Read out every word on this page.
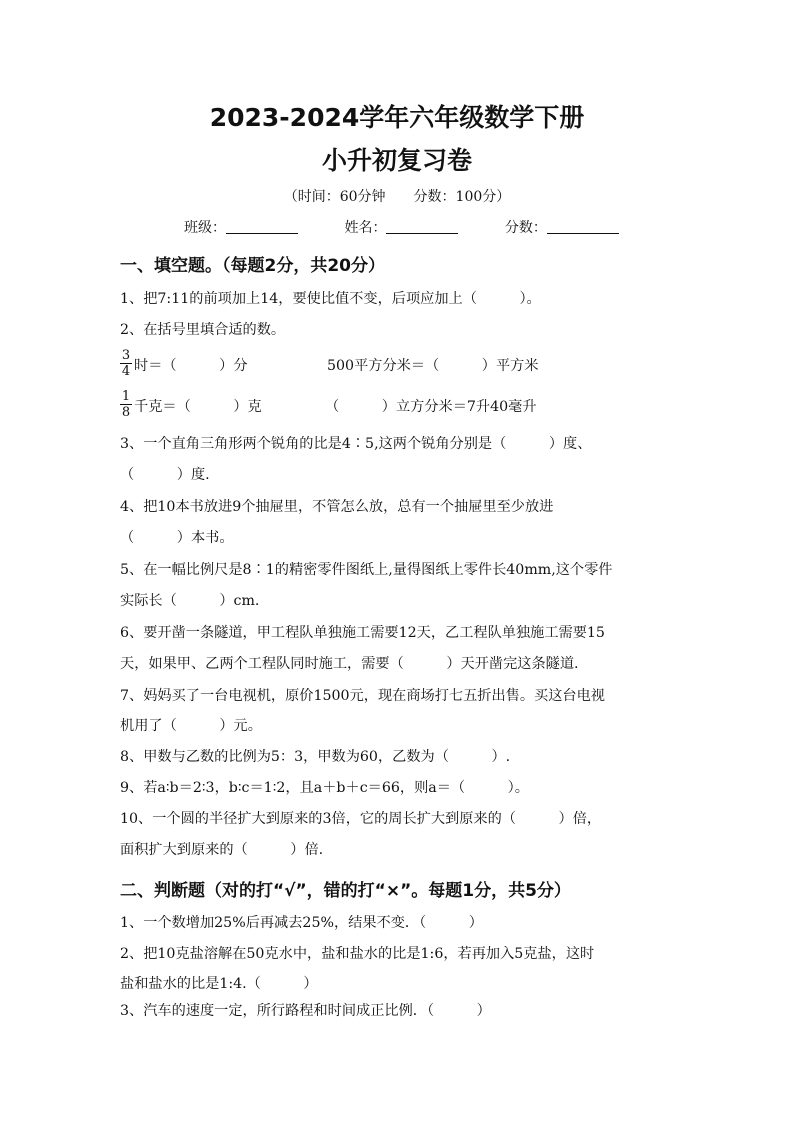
2023-2024学年六年级数学下册
小升初复习卷
（时间：60分钟　　分数：100分）
班级：	姓名：	分数：
一、填空题。（每题2分，共20分）
1、把7:11的前项加上14，要使比值不变，后项应加上（　　　）。
2、在括号里填合适的数。
3
4 时＝（　　　）分	500平方分米＝（　　　）平方米
1
8 千克＝（　　　）克	（　　　）立方分米＝7升40毫升
3、一个直角三角形两个锐角的比是4∶5,这两个锐角分别是（　　　）度、
（　　　）度.
4、把10本书放进9个抽屉里，不管怎么放，总有一个抽屉里至少放进
（　　　）本书。
5、在一幅比例尺是8∶1的精密零件图纸上,量得图纸上零件长40mm,这个零件
实际长（　　　）cm.
6、要开凿一条隧道，甲工程队单独施工需要12天，乙工程队单独施工需要15
天，如果甲、乙两个工程队同时施工，需要（　　　）天开凿完这条隧道.
7、妈妈买了一台电视机，原价1500元，现在商场打七五折出售。买这台电视
机用了（　　　）元。
8、甲数与乙数的比例为5：3，甲数为60，乙数为（　　　）.
9、若a∶b＝2∶3，b∶c＝1∶2，且a＋b＋c＝66，则a＝（　　　）。
10、一个圆的半径扩大到原来的3倍，它的周长扩大到原来的（　　　）倍，
面积扩大到原来的（　　　）倍.
二、判断题（对的打“√”，错的打“×”。每题1分，共5分）
1、一个数增加25%后再减去25%，结果不变．（　　　）
2、把10克盐溶解在50克水中，盐和盐水的比是1:6，若再加入5克盐，这时
盐和盐水的比是1:4.（　　　）
3、汽车的速度一定，所行路程和时间成正比例．（　　　）
